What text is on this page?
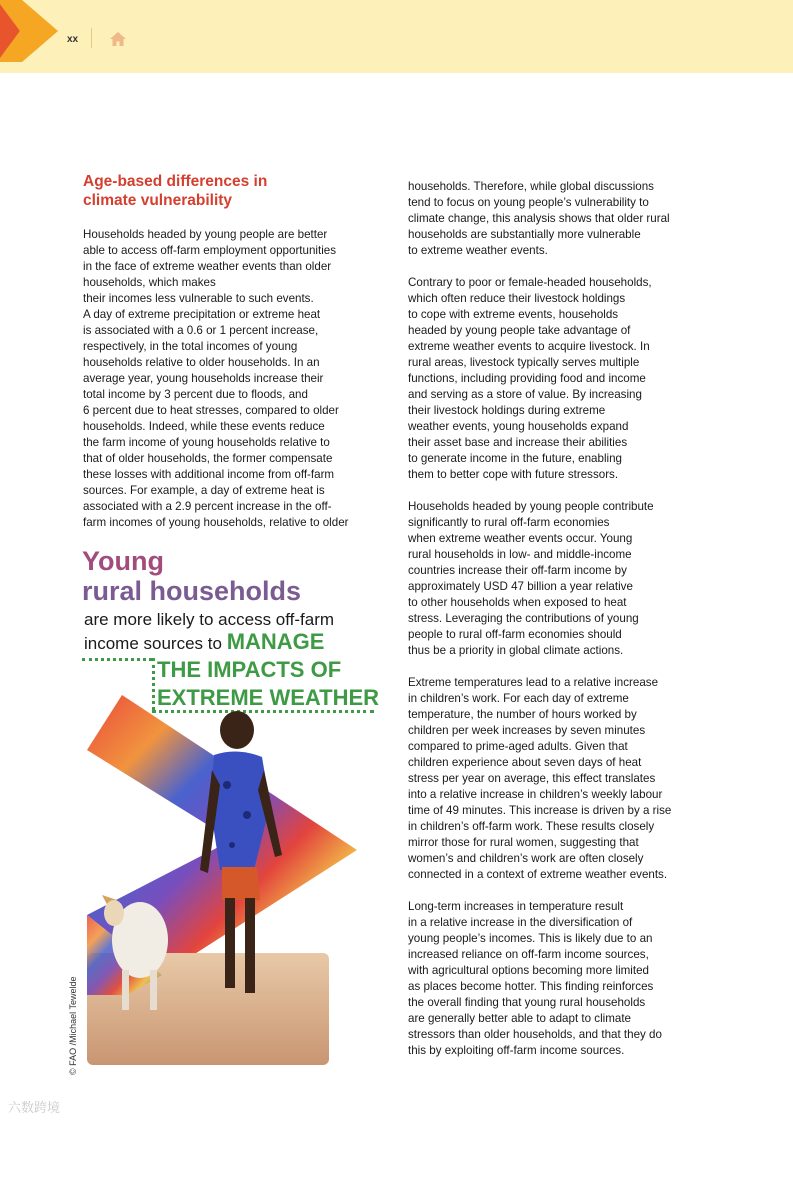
xx
Age-based differences in
climate vulnerability
Households headed by young people are better
able to access off-farm employment opportunities
in the face of extreme weather events than older
households, which makes
their incomes less vulnerable to such events.
A day of extreme precipitation or extreme heat
is associated with a 0.6 or 1 percent increase,
respectively, in the total incomes of young
households relative to older households. In an
average year, young households increase their
total income by 3 percent due to floods, and
6 percent due to heat stresses, compared to older
households. Indeed, while these events reduce
the farm income of young households relative to
that of older households, the former compensate
these losses with additional income from off-farm
sources. For example, a day of extreme heat is
associated with a 2.9 percent increase in the off-
farm incomes of young households, relative to older

households. Therefore, while global discussions
tend to focus on young people’s vulnerability to
climate change, this analysis shows that older rural
households are substantially more vulnerable
to extreme weather events.

Contrary to poor or female-headed households,
which often reduce their livestock holdings
to cope with extreme events, households
headed by young people take advantage of
extreme weather events to acquire livestock. In
rural areas, livestock typically serves multiple
functions, including providing food and income
and serving as a store of value. By increasing
their livestock holdings during extreme
weather events, young households expand
their asset base and increase their abilities
to generate income in the future, enabling
them to better cope with future stressors.

Households headed by young people contribute
significantly to rural off-farm economies
when extreme weather events occur. Young
rural households in low- and middle-income
countries increase their off-farm income by
approximately USD 47 billion a year relative
to other households when exposed to heat
stress. Leveraging the contributions of young
people to rural off-farm economies should
thus be a priority in global climate actions.

Extreme temperatures lead to a relative increase
in children’s work. For each day of extreme
temperature, the number of hours worked by
children per week increases by seven minutes
compared to prime-aged adults. Given that
children experience about seven days of heat
stress per year on average, this effect translates
into a relative increase in children’s weekly labour
time of 49 minutes. This increase is driven by a rise
in children’s off-farm work. These results closely
mirror those for rural women, suggesting that
women’s and children’s work are often closely
connected in a context of extreme weather events.

Long-term increases in temperature result
in a relative increase in the diversification of
young people’s incomes. This is likely due to an
increased reliance on off-farm income sources,
with agricultural options becoming more limited
as places become hotter. This finding reinforces
the overall finding that young rural households
are generally better able to adapt to climate
stressors than older households, and that they do
this by exploiting off-farm income sources.

Young
rural households
are more likely to access off-farm
income sources to MANAGE
THE IMPACTS OF
EXTREME WEATHER
© FAO /Michael Tewelde
六数跨境
